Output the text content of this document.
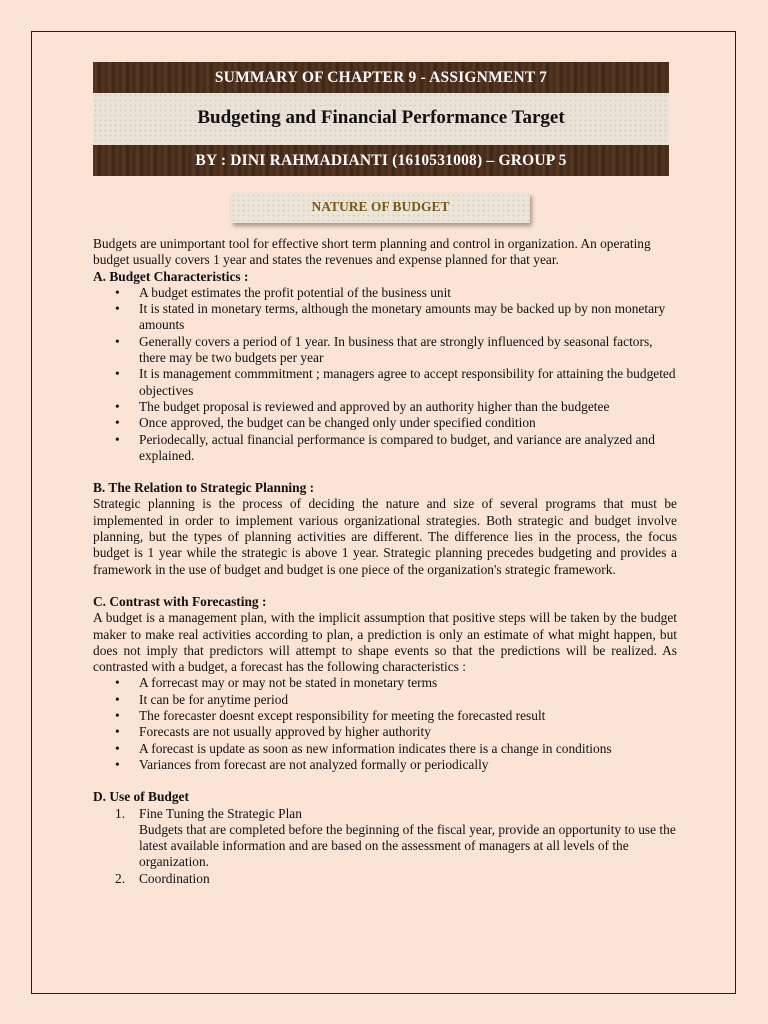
SUMMARY OF CHAPTER 9 - ASSIGNMENT 7
Budgeting and Financial Performance Target
BY : DINI RAHMADIANTI (1610531008) – GROUP 5
NATURE OF BUDGET

Budgets are unimportant tool for effective short term planning and control in organization. An operating budget usually covers 1 year and states the revenues and expense planned for that year.

A. Budget Characteristics :

• A budget estimates the profit potential of the business unit
• It is stated in monetary terms, although the monetary amounts may be backed up by non monetary amounts
• Generally covers a period of 1 year. In business that are strongly influenced by seasonal factors, there may be two budgets per year
• It is management commmitment ; managers agree to accept responsibility for attaining the budgeted objectives
• The budget proposal is reviewed and approved by an authority higher than the budgetee
• Once approved, the budget can be changed only under specified condition
• Periodecally, actual financial performance is compared to budget, and variance are analyzed and explained.

B. The Relation to Strategic Planning :

Strategic planning is the process of deciding the nature and size of several programs that must be implemented in order to implement various organizational strategies. Both strategic and budget involve planning, but the types of planning activities are different. The difference lies in the process, the focus budget is 1 year while the strategic is above 1 year. Strategic planning precedes budgeting and provides a framework in the use of budget and budget is one piece of the organization's strategic framework.

C. Contrast with Forecasting :

A budget is a management plan, with the implicit assumption that positive steps will be taken by the budget maker to make real activities according to plan, a prediction is only an estimate of what might happen, but does not imply that predictors will attempt to shape events so that the predictions will be realized. As contrasted with a budget, a forecast has the following characteristics :

• A forrecast may or may not be stated in monetary terms
• It can be for anytime period
• The forecaster doesnt except responsibility for meeting the forecasted result
• Forecasts are not usually approved by higher authority
• A forecast is update as soon as new information indicates there is a change in conditions
• Variances from forecast are not analyzed formally or periodically

D. Use of Budget

1. Fine Tuning the Strategic Plan

Budgets that are completed before the beginning of the fiscal year, provide an opportunity to use the latest available information and are based on the assessment of managers at all levels of the organization.

2. Coordination
